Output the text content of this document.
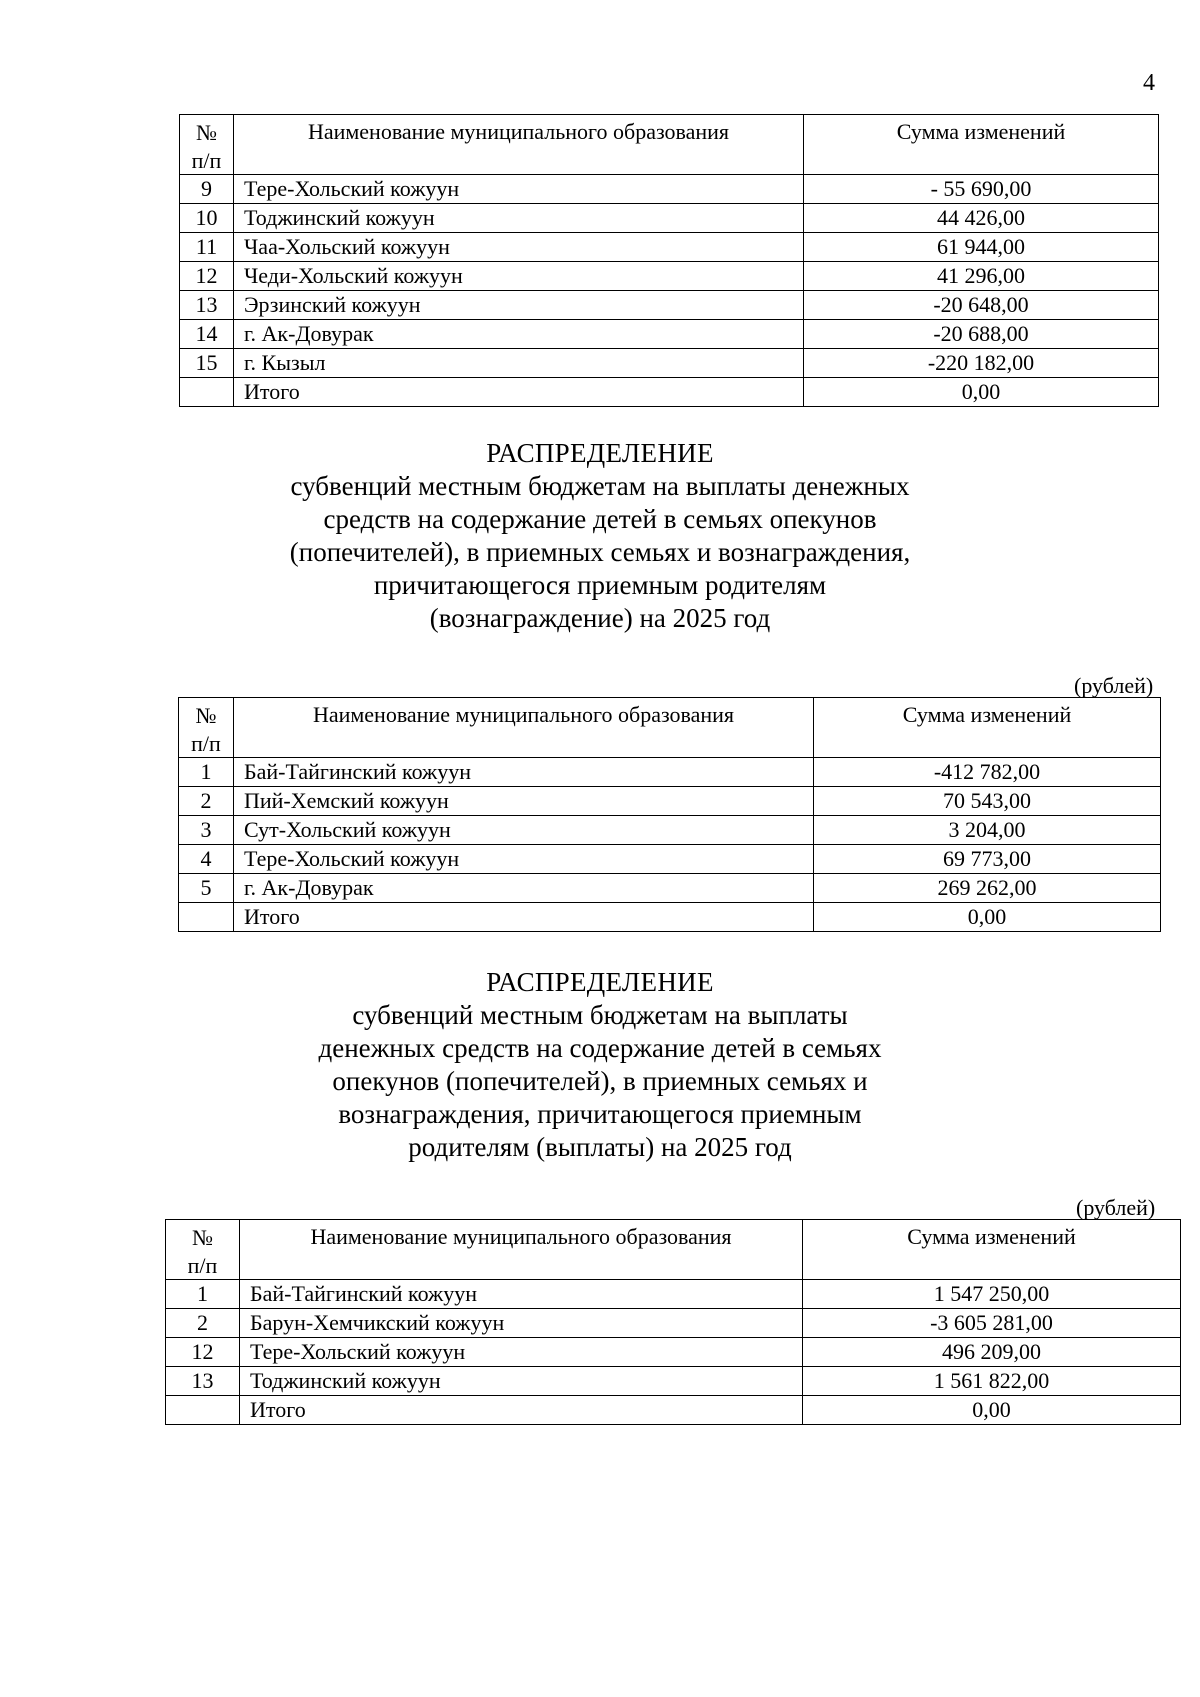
4
№
п/п	Наименование муниципального образования	Сумма изменений
9	Тере-Хольский кожуун	- 55 690,00
10	Тоджинский кожуун	44 426,00
11	Чаа-Хольский кожуун	61 944,00
12	Чеди-Хольский кожуун	41 296,00
13	Эрзинский кожуун	-20 648,00
14	г. Ак-Довурак	-20 688,00
15	г. Кызыл	-220 182,00
	Итого	0,00
РАСПРЕДЕЛЕНИЕ
субвенций местным бюджетам на выплаты денежных
средств на содержание детей в семьях опекунов
(попечителей), в приемных семьях и вознаграждения,
причитающегося приемным родителям
(вознаграждение) на 2025 год
(рублей)
№
п/п	Наименование муниципального образования	Сумма изменений
1	Бай-Тайгинский кожуун	-412 782,00
2	Пий-Хемский кожуун	70 543,00
3	Сут-Хольский кожуун	3 204,00
4	Тере-Хольский кожуун	69 773,00
5	г. Ак-Довурак	269 262,00
	Итого	0,00
РАСПРЕДЕЛЕНИЕ
субвенций местным бюджетам на выплаты
денежных средств на содержание детей в семьях
опекунов (попечителей), в приемных семьях и
вознаграждения, причитающегося приемным
родителям (выплаты) на 2025 год
(рублей)
№
п/п	Наименование муниципального образования	Сумма изменений
1	Бай-Тайгинский кожуун	1 547 250,00
2	Барун-Хемчикский кожуун	-3 605 281,00
12	Тере-Хольский кожуун	496 209,00
13	Тоджинский кожуун	1 561 822,00
	Итого	0,00
